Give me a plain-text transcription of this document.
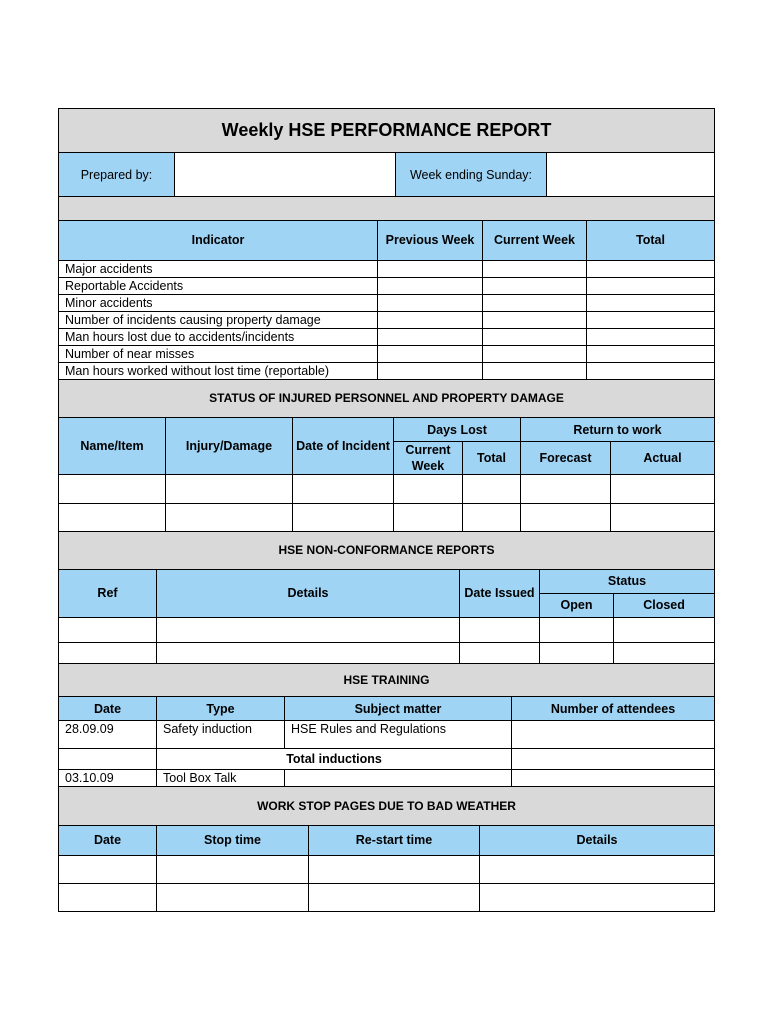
Weekly HSE PERFORMANCE REPORT
Prepared by:		Week ending Sunday:	

Indicator	Previous Week	Current Week	Total
Major accidents			
Reportable Accidents			
Minor accidents			
Number of incidents causing property damage			
Man hours lost due to accidents/incidents			
Number of near misses			
Man hours worked without lost time (reportable)			
STATUS OF INJURED PERSONNEL AND PROPERTY DAMAGE						
Name/Item	Injury/Damage	Date of Incident	Days Lost		Return to work	
			Current Week	Total	Forecast	Actual

HSE NON-CONFORMANCE REPORTS				
Ref	Details	Date Issued	Status	
			Open	Closed

HSE TRAINING			
Date	Type	Subject matter	Number of attendees
28.09.09	Safety induction	HSE Rules and Regulations	
	Total inductions		
03.10.09	Tool Box Talk		
WORK STOP PAGES DUE TO BAD WEATHER			
Date	Stop time	Re-start time	Details
